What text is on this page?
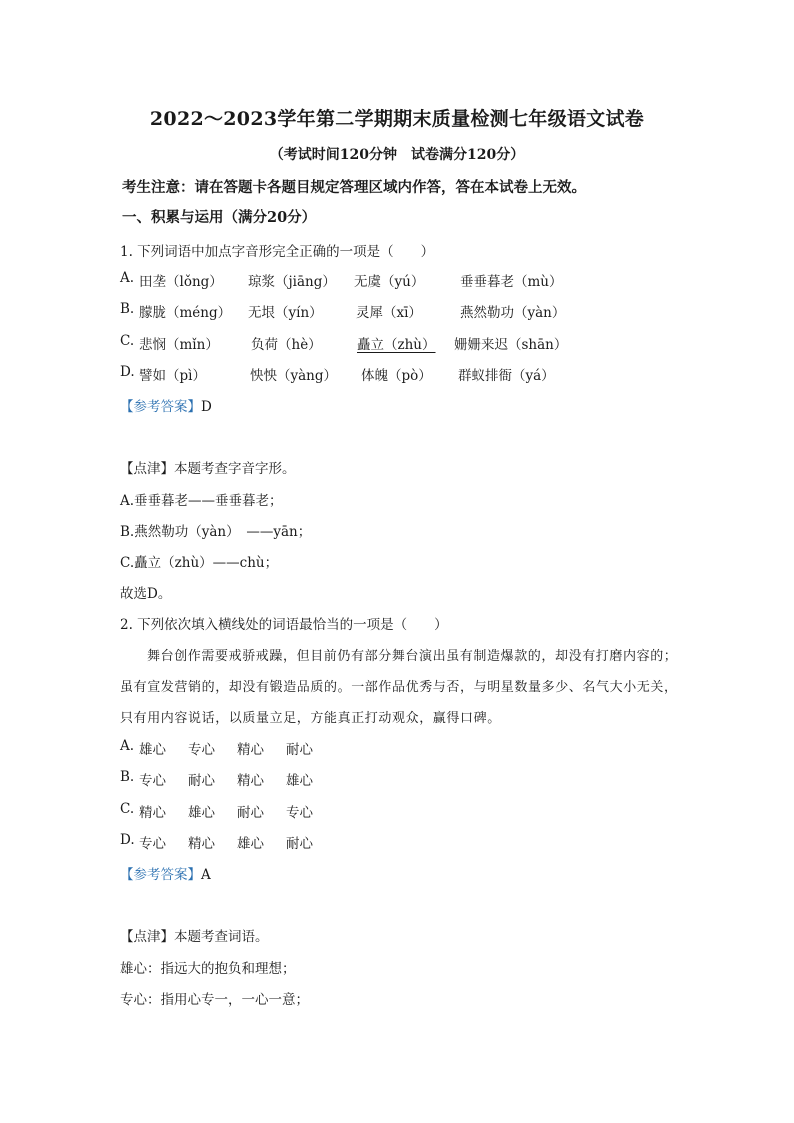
2022～2023学年第二学期期末质量检测七年级语文试卷
（考试时间120分钟　试卷满分120分）
考生注意：请在答题卡各题目规定答理区域内作答，答在本试卷上无效。
一、积累与运用（满分20分）
1. 下列词语中加点字音形完全正确的一项是（　　）
A. 田垄（lǒng） 琼浆（jiāng） 无虞（yú）	垂垂暮老（mù）
B. 朦胧（méng） 无垠（yín） 灵犀（xī）	燕然勒功（yàn）
C. 悲悯（mǐn） 负荷（hè）	矗立（zhù） 姗姗来迟（shān）
D. 譬如（pì）	怏怏（yàng） 体魄（pò） 群蚁排衙（yá）
【参考答案】D
【点津】本题考查字音字形。
A.垂垂暮老——垂垂暮老；
B.燕然勒功（yàn）　——yān；
C.矗立（zhù）——chù；
故选D。
2. 下列依次填入横线处的词语最恰当的一项是（　　）
舞台创作需要戒骄戒躁，但目前仍有部分舞台演出虽有制造爆款的，却没有打磨内容的；
虽有宣发营销的，却没有锻造品质的。一部作品优秀与否，与明星数量多少、名气大小无关，
只有用内容说话，以质量立足，方能真正打动观众，赢得口碑。
A. 雄心 专心 精心 耐心
B. 专心 耐心 精心 雄心
C. 精心 雄心 耐心 专心
D. 专心 精心 雄心 耐心
【参考答案】A
【点津】本题考查词语。
雄心：指远大的抱负和理想；
专心：指用心专一，一心一意；
